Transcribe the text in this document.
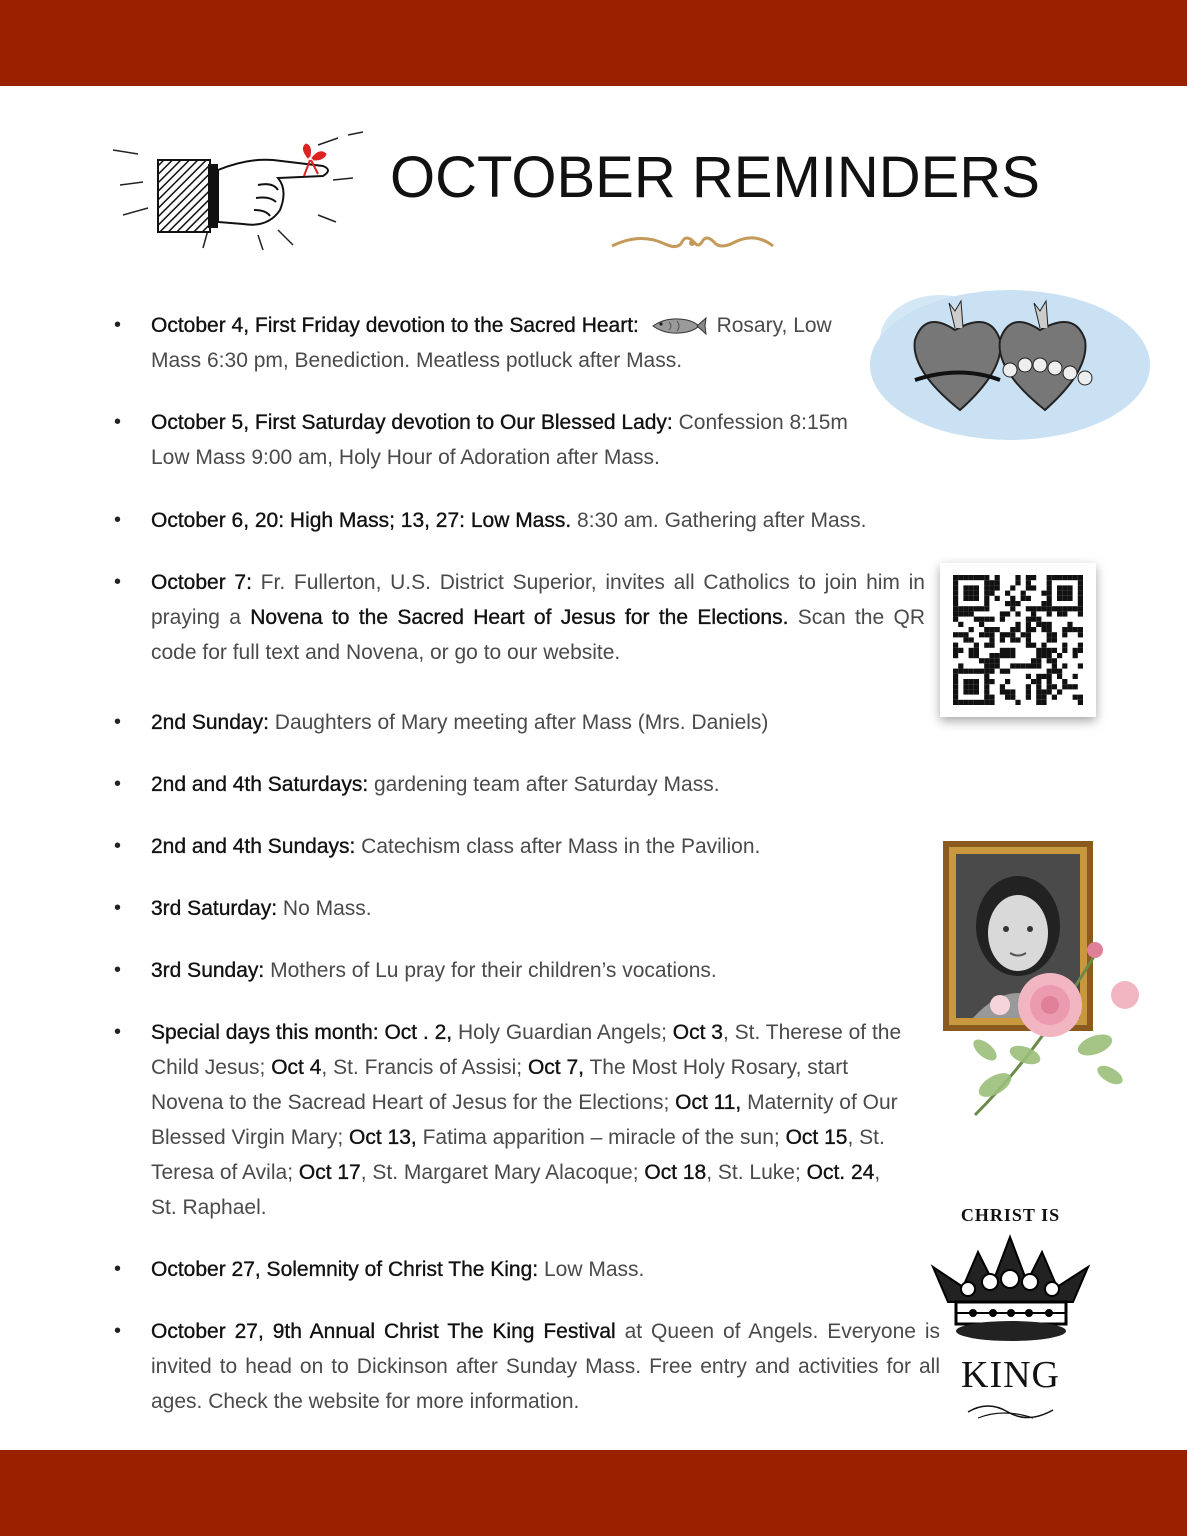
OCTOBER REMINDERS
CHRIST IS
KING
• October 4, First Friday devotion to the Sacred Heart:	Rosary, Low Mass 6:30 pm, Benediction. Meatless potluck after Mass.
• October 5, First Saturday devotion to Our Blessed Lady: Confession 8:15m Low Mass 9:00 am, Holy Hour of Adoration after Mass.
• October 6, 20: High Mass; 13, 27: Low Mass. 8:30 am. Gathering after Mass.
• October 7: Fr. Fullerton, U.S. District Superior, invites all Catholics to join him in praying a Novena to the Sacred Heart of Jesus for the Elections. Scan the QR code for full text and Novena, or go to our website.
• 2nd Sunday: Daughters of Mary meeting after Mass (Mrs. Daniels)
• 2nd and 4th Saturdays: gardening team after Saturday Mass.
• 2nd and 4th Sundays: Catechism class after Mass in the Pavilion.
• 3rd Saturday: No Mass.
• 3rd Sunday: Mothers of Lu pray for their children’s vocations.
• Special days this month: Oct . 2, Holy Guardian Angels; Oct 3, St. Therese of the Child Jesus; Oct 4, St. Francis of Assisi; Oct 7, The Most Holy Rosary, start Novena to the Sacread Heart of Jesus for the Elections; Oct 11, Maternity of Our Blessed Virgin Mary; Oct 13, Fatima apparition – miracle of the sun; Oct 15, St. Teresa of Avila; Oct 17, St. Margaret Mary Alacoque; Oct 18, St. Luke; Oct. 24, St. Raphael.
• October 27, Solemnity of Christ The King: Low Mass.
• October 27, 9th Annual Christ The King Festival at Queen of Angels. Everyone is invited to head on to Dickinson after Sunday Mass. Free entry and activities for all ages. Check the website for more information.
